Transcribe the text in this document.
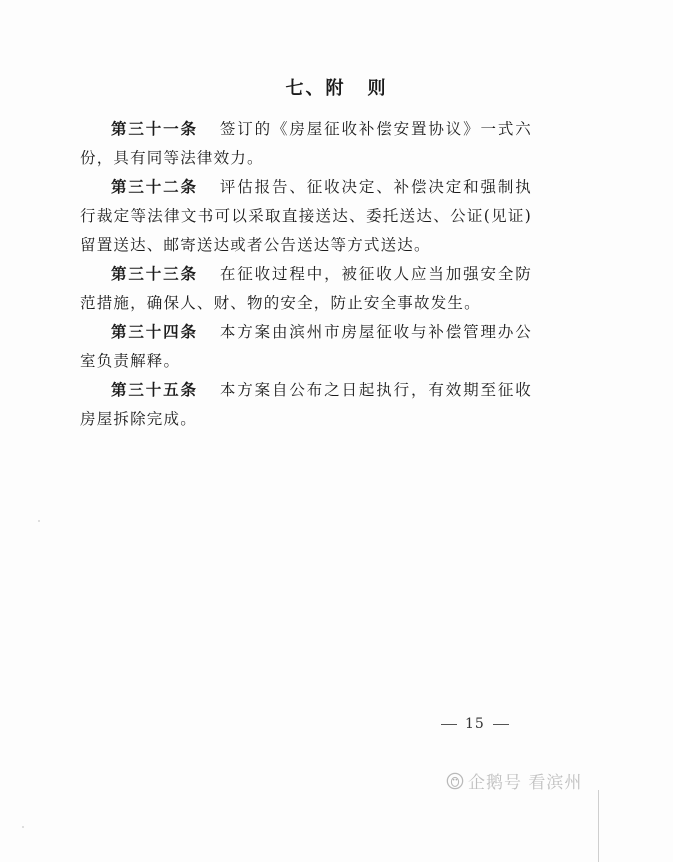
七、附 则
第三十一条 签订的《房屋征收补偿安置协议》一式六份，具有同等法律效力。
第三十二条 评估报告、征收决定、补偿决定和强制执行裁定等法律文书可以采取直接送达、委托送达、公证(见证)留置送达、邮寄送达或者公告送达等方式送达。
第三十三条 在征收过程中，被征收人应当加强安全防范措施，确保人、财、物的安全，防止安全事故发生。
第三十四条 本方案由滨州市房屋征收与补偿管理办公室负责解释。
第三十五条 本方案自公布之日起执行，有效期至征收房屋拆除完成。
15
企鹅号 看滨州
